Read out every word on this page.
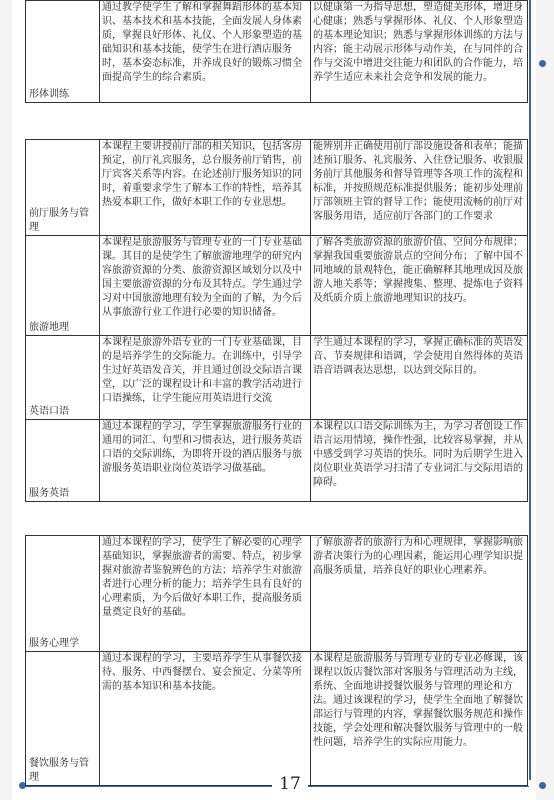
形体训练	通过教学使学生了解和掌握舞蹈形体的基本知识、基本技术和基本技能，全面发展人身体素质，掌握良好形体、礼仪、个人形象塑造的基础知识和基本技能，使学生在进行酒店服务时，基本姿态标准，并养成良好的锻炼习惯全面提高学生的综合素质。	以健康第一为指导思想，塑造健美形体，增进身心健康；熟悉与掌握形体、礼仪、个人形象塑造的基本理论知识；熟悉与掌握形体训练的方法与内容；能主动展示形体与动作美，在与同伴的合作与交流中增进交往能力和团队的合作能力，培养学生适应未来社会竞争和发展的能力。
前厅服务与管理	本课程主要讲授前厅部的相关知识，包括客房预定，前厅礼宾服务，总台服务前厅销售，前厅宾客关系等内容。在论述前厅服务知识的同时，着重要求学生了解本工作的特性，培养其热爱本职工作，做好本职工作的专业思想。	能辨别并正确使用前厅部设施设备和表单；能描述预订服务、礼宾服务、入住登记服务、收银服务前厅其他服务和督导管理等各项工作的流程和标准，并按照规范标准提供服务；能初步处理前厅部领班主管的督导工作；能使用流畅的前厅对客服务用语，适应前厅各部门的工作要求
旅游地理	本课程是旅游服务与管理专业的一门专业基础课。其目的是使学生了解旅游地理学的研究内容旅游资源的分类、旅游资源区域划分以及中国主要旅游资源的分布及其特点。学生通过学习对中国旅游地理有较为全面的了解，为今后从事旅游行业工作进行必要的知识储备。	了解各类旅游资源的旅游价值、空间分布规律；掌握我国重要旅游景点的空间分布；了解中国不同地域的景观特色，能正确解释其地理成因及旅游人地关系等；掌握搜集、整理、提炼电子资料及纸质介质上旅游地理知识的技巧。
英语口语	本课程是旅游外语专业的一门专业基础课，目的是培养学生的交际能力。在训练中，引导学生过好英语发音关，并且通过创设交际语言课堂，以广泛的课程设计和丰富的教学活动进行口语操练，让学生能应用英语进行交流	学生通过本课程的学习，掌握正确标准的英语发音、节奏规律和语调，学会使用自然得体的英语语音语调表达思想，以达到交际目的。
服务英语	通过本课程的学习，学生掌握旅游服务行业的通用的词汇、句型和习惯表达，进行服务英语口语的交际训练，为即将开设的酒店服务与旅游服务英语职业岗位英语学习做基础。	本课程以口语交际训练为主，为学习者创设工作语言运用情境，操作性强，比较容易掌握，并从中感受到学习英语的快乐。同时为后期学生进入岗位职业英语学习扫清了专业词汇与交际用语的障碍。
服务心理学	通过本课程的学习，使学生了解必要的心理学基础知识，掌握旅游者的需要、特点，初步掌握对旅游者鉴貌辨色的方法；培养学生对旅游者进行心理分析的能力；培养学生具有良好的心理素质，为今后做好本职工作，提高服务质量奠定良好的基础。	了解旅游者的旅游行为和心理规律，掌握影响旅游者决策行为的心理因素，能运用心理学知识提高服务质量，培养良好的职业心理素养。
餐饮服务与管理	通过本课程的学习，主要培养学生从事餐饮接待、服务、中西餐摆台、宴会预定、分菜等所需的基本知识和基本技能。	本课程是旅游服务与管理专业的专业必修课，该课程以饭店餐饮部对客服务与管理活动为主线，系统、全面地讲授餐饮服务与管理的理论和方法。通过该课程的学习，使学生全面地了解餐饮部运行与管理的内容，掌握餐饮服务规范和操作技能，学会处理和解决餐饮服务与管理中的一般性问题，培养学生的实际应用能力。
17
